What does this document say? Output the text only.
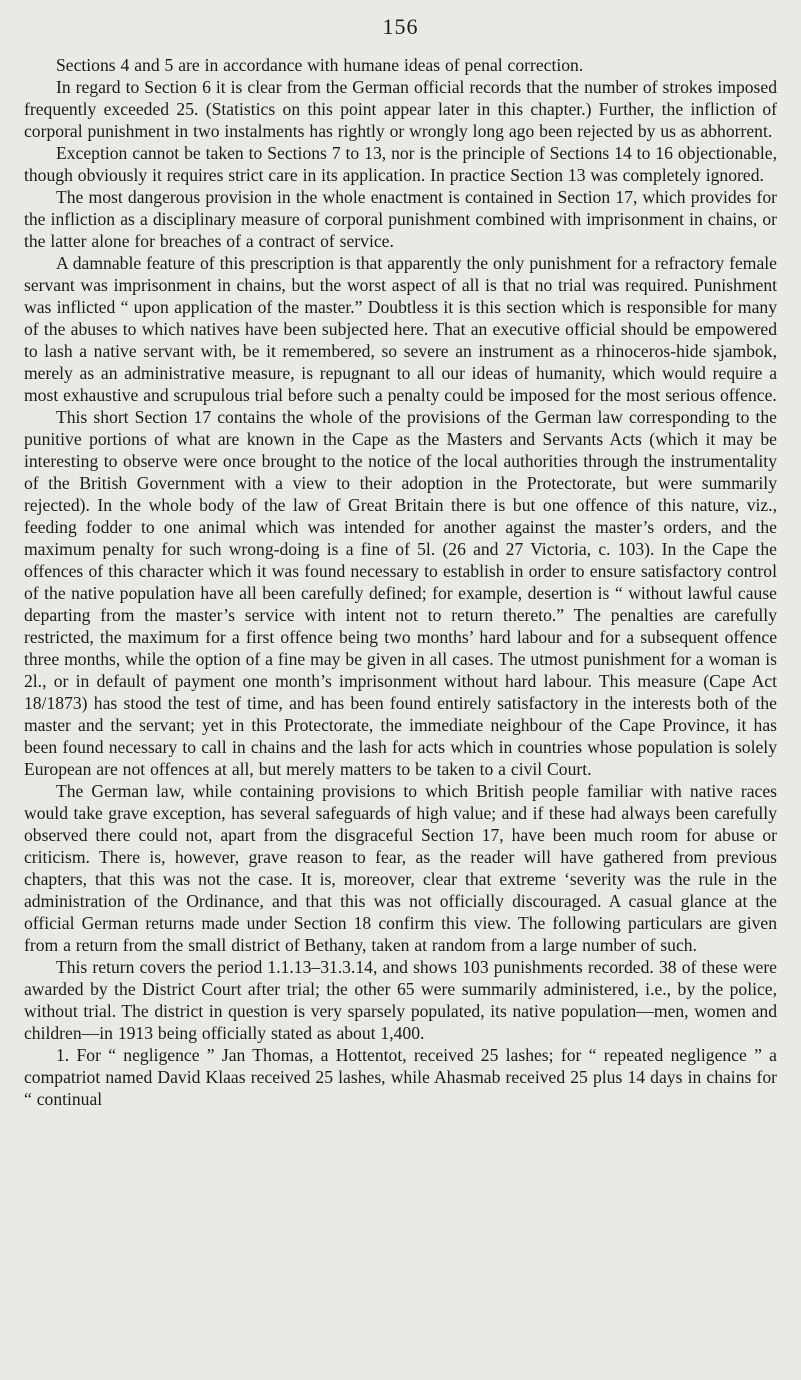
156

Sections 4 and 5 are in accordance with humane ideas of penal correction.

In regard to Section 6 it is clear from the German official records that the number of strokes imposed frequently exceeded 25. (Statistics on this point appear later in this chapter.) Further, the infliction of corporal punishment in two instalments has rightly or wrongly long ago been rejected by us as abhorrent.

Exception cannot be taken to Sections 7 to 13, nor is the principle of Sections 14 to 16 objectionable, though obviously it requires strict care in its application. In practice Section 13 was completely ignored.

The most dangerous provision in the whole enactment is contained in Section 17, which provides for the infliction as a disciplinary measure of corporal punishment combined with imprisonment in chains, or the latter alone for breaches of a contract of service.

A damnable feature of this prescription is that apparently the only punishment for a refractory female servant was imprisonment in chains, but the worst aspect of all is that no trial was required. Punishment was inflicted “ upon application of the master.” Doubtless it is this section which is responsible for many of the abuses to which natives have been subjected here. That an executive official should be empowered to lash a native servant with, be it remembered, so severe an instrument as a rhinoceros-hide sjambok, merely as an administrative measure, is repugnant to all our ideas of humanity, which would require a most exhaustive and scrupulous trial before such a penalty could be imposed for the most serious offence.

This short Section 17 contains the whole of the provisions of the German law corresponding to the punitive portions of what are known in the Cape as the Masters and Servants Acts (which it may be interesting to observe were once brought to the notice of the local authorities through the instrumentality of the British Government with a view to their adoption in the Protectorate, but were summarily rejected). In the whole body of the law of Great Britain there is but one offence of this nature, viz., feeding fodder to one animal which was intended for another against the master’s orders, and the maximum penalty for such wrong-doing is a fine of 5l. (26 and 27 Victoria, c. 103). In the Cape the offences of this character which it was found necessary to establish in order to ensure satisfactory control of the native population have all been carefully defined; for example, desertion is “ without lawful cause departing from the master’s service with intent not to return thereto.” The penalties are carefully restricted, the maximum for a first offence being two months’ hard labour and for a subsequent offence three months, while the option of a fine may be given in all cases. The utmost punishment for a woman is 2l., or in default of payment one month’s imprisonment without hard labour. This measure (Cape Act 18/1873) has stood the test of time, and has been found entirely satisfactory in the interests both of the master and the servant; yet in this Protectorate, the immediate neighbour of the Cape Province, it has been found necessary to call in chains and the lash for acts which in countries whose population is solely European are not offences at all, but merely matters to be taken to a civil Court.

The German law, while containing provisions to which British people familiar with native races would take grave exception, has several safeguards of high value; and if these had always been carefully observed there could not, apart from the disgraceful Section 17, have been much room for abuse or criticism. There is, however, grave reason to fear, as the reader will have gathered from previous chapters, that this was not the case. It is, moreover, clear that extreme ‘severity was the rule in the administration of the Ordinance, and that this was not officially discouraged. A casual glance at the official German returns made under Section 18 confirm this view. The following particulars are given from a return from the small district of Bethany, taken at random from a large number of such.

This return covers the period 1.1.13–31.3.14, and shows 103 punishments recorded. 38 of these were awarded by the District Court after trial; the other 65 were summarily administered, i.e., by the police, without trial. The district in question is very sparsely populated, its native population—men, women and children—in 1913 being officially stated as about 1,400.

1. For “ negligence ” Jan Thomas, a Hottentot, received 25 lashes; for “ repeated negligence ” a compatriot named David Klaas received 25 lashes, while Ahasmab received 25 plus 14 days in chains for “ continual
